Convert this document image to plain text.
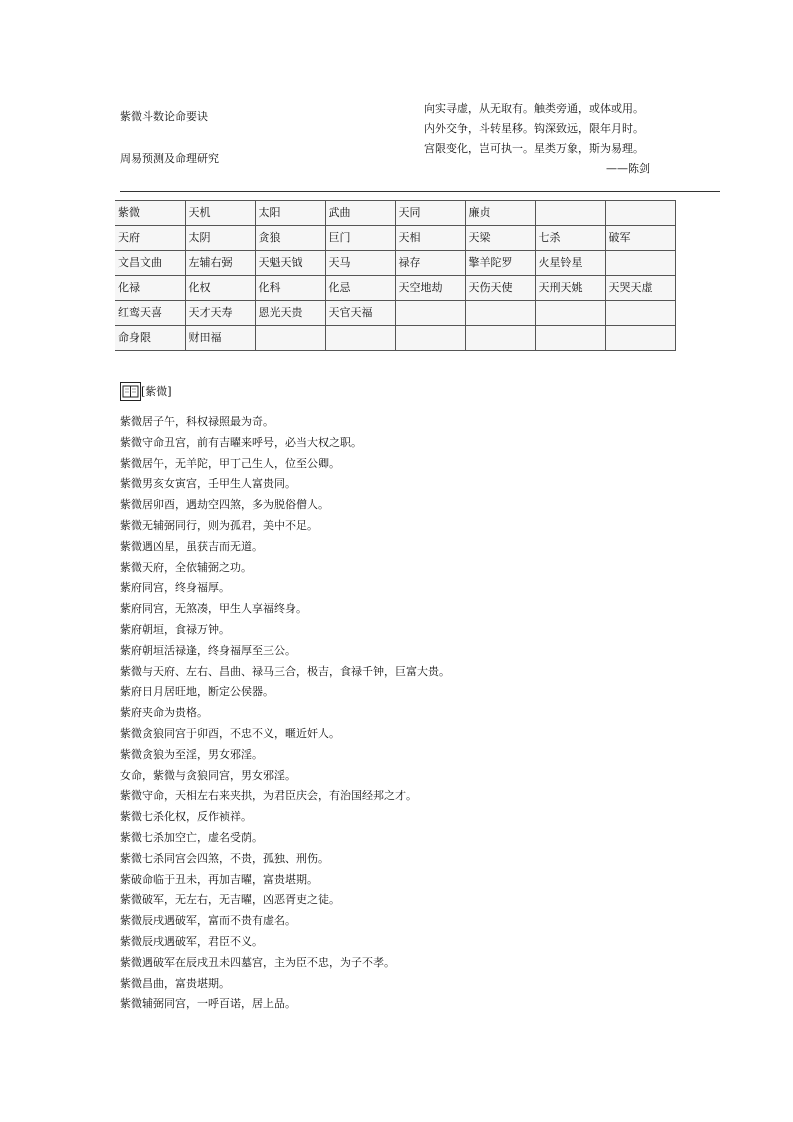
紫微斗数论命要诀
周易预测及命理研究
向实寻虚，从无取有。触类旁通，或体或用。
内外交争，斗转星移。钩深致远，限年月时。
宫限变化，岂可执一。星类万象，斯为易理。
——陈剑
紫微	天机	太阳	武曲	天同	廉贞		
天府	太阴	贪狼	巨门	天相	天梁	七杀	破军
文昌文曲	左辅右弼	天魁天钺	天马	禄存	擎羊陀罗	火星铃星	
化禄	化权	化科	化忌	天空地劫	天伤天使	天刑天姚	天哭天虚
红鸾天喜	天才天寿	恩光天贵	天官天福				
命身限	财田福						
[紫微]
紫微居子午，科权禄照最为奇。
紫微守命丑宫，前有吉曜来呼号，必当大权之职。
紫微居午，无羊陀，甲丁己生人，位至公卿。
紫微男亥女寅宫，壬甲生人富贵同。
紫微居卯酉，遇劫空四煞，多为脱俗僧人。
紫微无辅弼同行，则为孤君，美中不足。
紫微遇凶星，虽获吉而无道。
紫微天府，全依辅弼之功。
紫府同宫，终身福厚。
紫府同宫，无煞凑，甲生人享福终身。
紫府朝垣，食禄万钟。
紫府朝垣活禄逢，终身福厚至三公。
紫微与天府、左右、昌曲、禄马三合，极吉，食禄千钟，巨富大贵。
紫府日月居旺地，断定公侯器。
紫府夹命为贵格。
紫微贪狼同宫于卯酉，不忠不义，暱近奸人。
紫微贪狼为至淫，男女邪淫。
女命，紫微与贪狼同宫，男女邪淫。
紫微守命，天相左右来夹拱，为君臣庆会，有治国经邦之才。
紫微七杀化权，反作祯祥。
紫微七杀加空亡，虚名受荫。
紫微七杀同宫会四煞，不贵，孤独、刑伤。
紫破命临于丑未，再加吉曜，富贵堪期。
紫微破军，无左右，无吉曜，凶恶胥吏之徒。
紫微辰戌遇破军，富而不贵有虚名。
紫微辰戌遇破军，君臣不义。
紫微遇破军在辰戌丑未四墓宫，主为臣不忠，为子不孝。
紫微昌曲，富贵堪期。
紫微辅弼同宫，一呼百诺，居上品。
